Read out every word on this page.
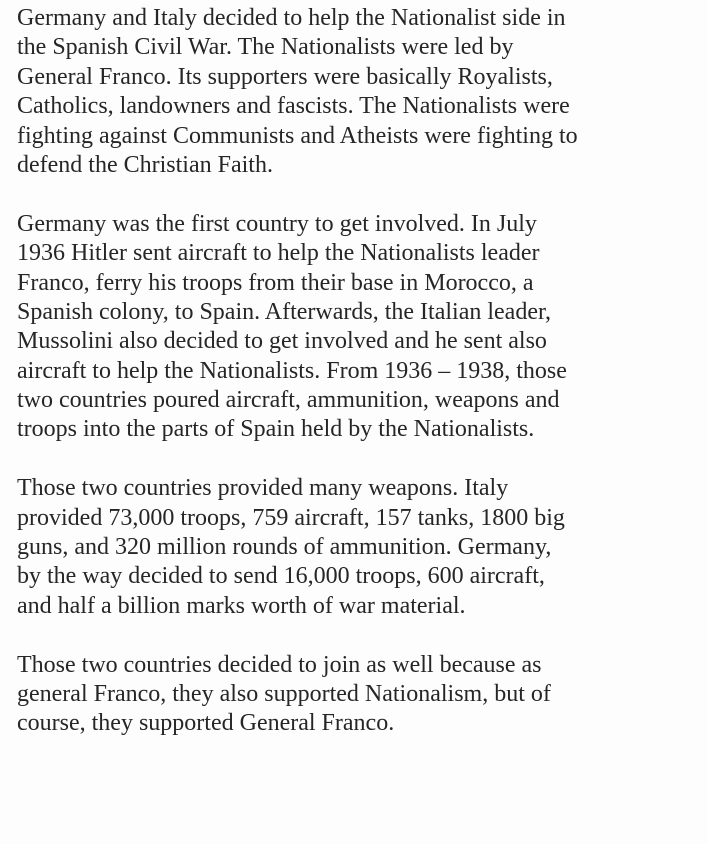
Germany and Italy decided to help the Nationalist side in
the Spanish Civil War. The Nationalists were led by
General Franco. Its supporters were basically Royalists,
Catholics, landowners and fascists. The Nationalists were
fighting against Communists and Atheists were fighting to
defend the Christian Faith.

Germany was the first country to get involved. In July
1936 Hitler sent aircraft to help the Nationalists leader
Franco, ferry his troops from their base in Morocco, a
Spanish colony, to Spain. Afterwards, the Italian leader,
Mussolini also decided to get involved and he sent also
aircraft to help the Nationalists. From 1936 – 1938, those
two countries poured aircraft, ammunition, weapons and
troops into the parts of Spain held by the Nationalists.

Those two countries provided many weapons. Italy
provided 73,000 troops, 759 aircraft, 157 tanks, 1800 big
guns, and 320 million rounds of ammunition. Germany,
by the way decided to send 16,000 troops, 600 aircraft,
and half a billion marks worth of war material.

Those two countries decided to join as well because as
general Franco, they also supported Nationalism, but of
course, they supported General Franco.
